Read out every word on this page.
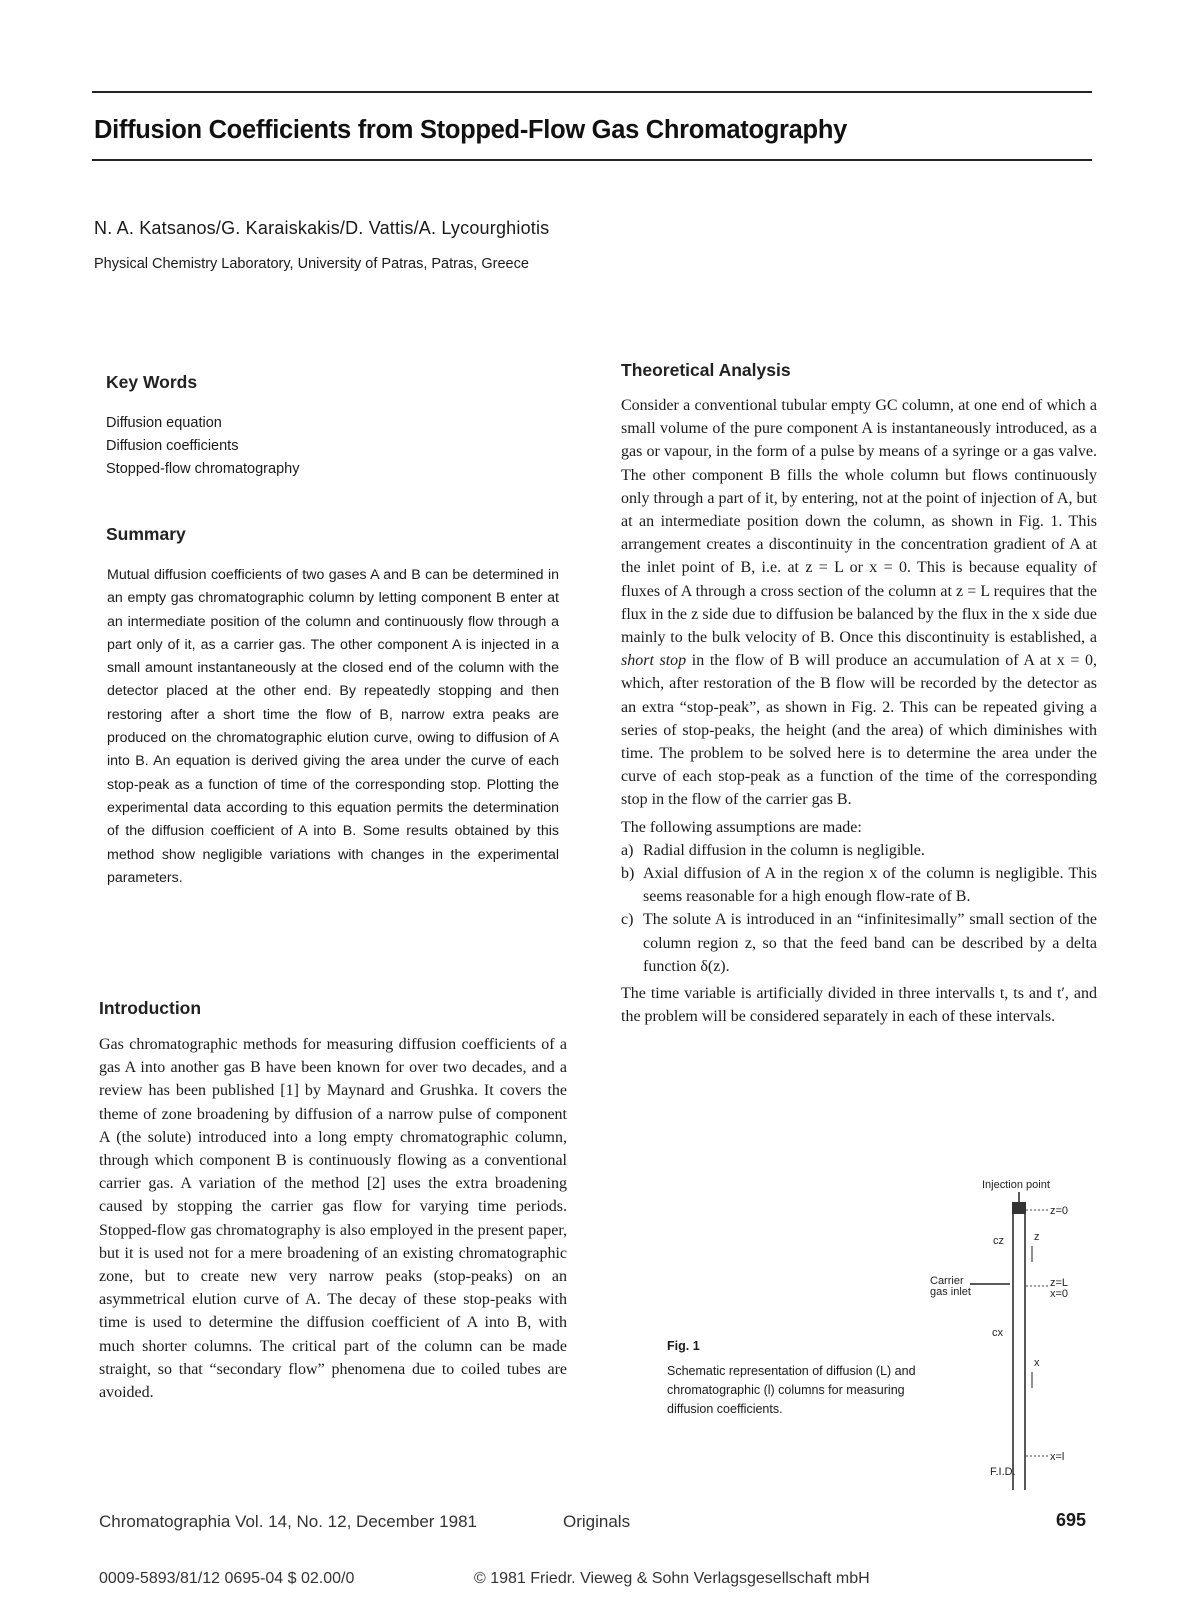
Diffusion Coefficients from Stopped-Flow Gas Chromatography
N. A. Katsanos/G. Karaiskakis/D. Vattis/A. Lycourghiotis
Physical Chemistry Laboratory, University of Patras, Patras, Greece
Key Words
Diffusion equation
Diffusion coefficients
Stopped-flow chromatography
Summary
Mutual diffusion coefficients of two gases A and B can be determined in an empty gas chromatographic column by letting component B enter at an intermediate position of the column and continuously flow through a part only of it, as a carrier gas. The other component A is injected in a small amount instantaneously at the closed end of the column with the detector placed at the other end. By repeatedly stopping and then restoring after a short time the flow of B, narrow extra peaks are produced on the chromatographic elution curve, owing to diffusion of A into B. An equation is derived giving the area under the curve of each stop-peak as a function of time of the corresponding stop. Plotting the experimental data according to this equation permits the determination of the diffusion coefficient of A into B. Some results obtained by this method show negligible variations with changes in the experimental parameters.
Introduction
Gas chromatographic methods for measuring diffusion coefficients of a gas A into another gas B have been known for over two decades, and a review has been published [1] by Maynard and Grushka. It covers the theme of zone broadening by diffusion of a narrow pulse of component A (the solute) introduced into a long empty chromatographic column, through which component B is continuously flowing as a conventional carrier gas. A variation of the method [2] uses the extra broadening caused by stopping the carrier gas flow for varying time periods. Stopped-flow gas chromatography is also employed in the present paper, but it is used not for a mere broadening of an existing chromatographic zone, but to create new very narrow peaks (stop-peaks) on an asymmetrical elution curve of A. The decay of these stop-peaks with time is used to determine the diffusion coefficient of A into B, with much shorter columns. The critical part of the column can be made straight, so that “secondary flow” phenomena due to coiled tubes are avoided.
Theoretical Analysis

Consider a conventional tubular empty GC column, at one end of which a small volume of the pure component A is instantaneously introduced, as a gas or vapour, in the form of a pulse by means of a syringe or a gas valve. The other component B fills the whole column but flows continuously only through a part of it, by entering, not at the point of injection of A, but at an intermediate position down the column, as shown in Fig. 1. This arrangement creates a discontinuity in the concentration gradient of A at the inlet point of B, i.e. at z = L or x = 0. This is because equality of fluxes of A through a cross section of the column at z = L requires that the flux in the z side due to diffusion be balanced by the flux in the x side due mainly to the bulk velocity of B. Once this discontinuity is established, a short stop in the flow of B will produce an accumulation of A at x = 0, which, after restoration of the B flow will be recorded by the detector as an extra “stop-peak”, as shown in Fig. 2. This can be repeated giving a series of stop-peaks, the height (and the area) of which diminishes with time. The problem to be solved here is to determine the area under the curve of each stop-peak as a function of the time of the corresponding stop in the flow of the carrier gas B.

The following assumptions are made:

a) Radial diffusion in the column is negligible.
b) Axial diffusion of A in the region x of the column is negligible. This seems reasonable for a high enough flow-rate of B.
c) The solute A is introduced in an “infinitesimally” small section of the column region z, so that the feed band can be described by a delta function δ(z).

The time variable is artificially divided in three intervalls t, ts and t′, and the problem will be considered separately in each of these intervals.

Fig. 1
Schematic representation of diffusion (L) and chromatographic (l) columns for measuring diffusion coefficients.
Injection point
z=0
cz	z
Carrier
gas inlet
z=L
x=0
cx
x
x=l
F.I.D.
Chromatographia Vol. 14, No. 12, December 1981	Originals	695
0009-5893/81/12 0695-04 $ 02.00/0	© 1981 Friedr. Vieweg & Sohn Verlagsgesellschaft mbH
